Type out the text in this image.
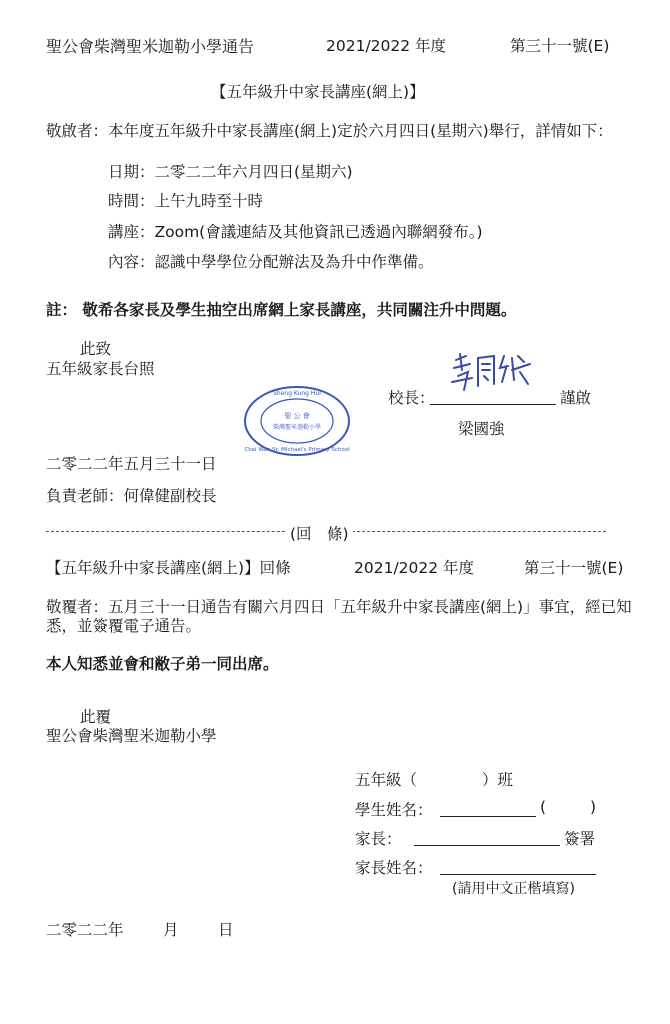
聖公會柴灣聖米迦勒小學通告	2021/2022 年度	第三十一號(E)
【五年級升中家長講座(網上)】
敬啟者：本年度五年級升中家長講座(網上)定於六月四日(星期六)舉行，詳情如下：
日期：二零二二年六月四日(星期六)
時間：上午九時至十時
講座：Zoom(會議連結及其他資訊已透過內聯網發布。)
內容：認識中學學位分配辦法及為升中作準備。
註： 敬希各家長及學生抽空出席網上家長講座，共同關注升中問題。
此致
五年級家長台照
校長：	謹啟
梁國強
Sheng Kung Hui
聖 公 會
柴灣聖米迦勒小學
Chai Wan St. Michael's Primary School
二零二二年五月三十一日
負責老師：何偉健副校長
(回　條)
【五年級升中家長講座(網上)】回條	2021/2022 年度	第三十一號(E)
敬覆者：五月三十一日通告有關六月四日「五年級升中家長講座(網上)」事宜，經已知
悉，並簽覆電子通告。
本人知悉並會和敝子弟一同出席。
此覆
聖公會柴灣聖米迦勒小學
五年級（	）班
學生姓名：	(	)
家長：	簽署
家長姓名：
(請用中文正楷填寫)
二零二二年	月	日
